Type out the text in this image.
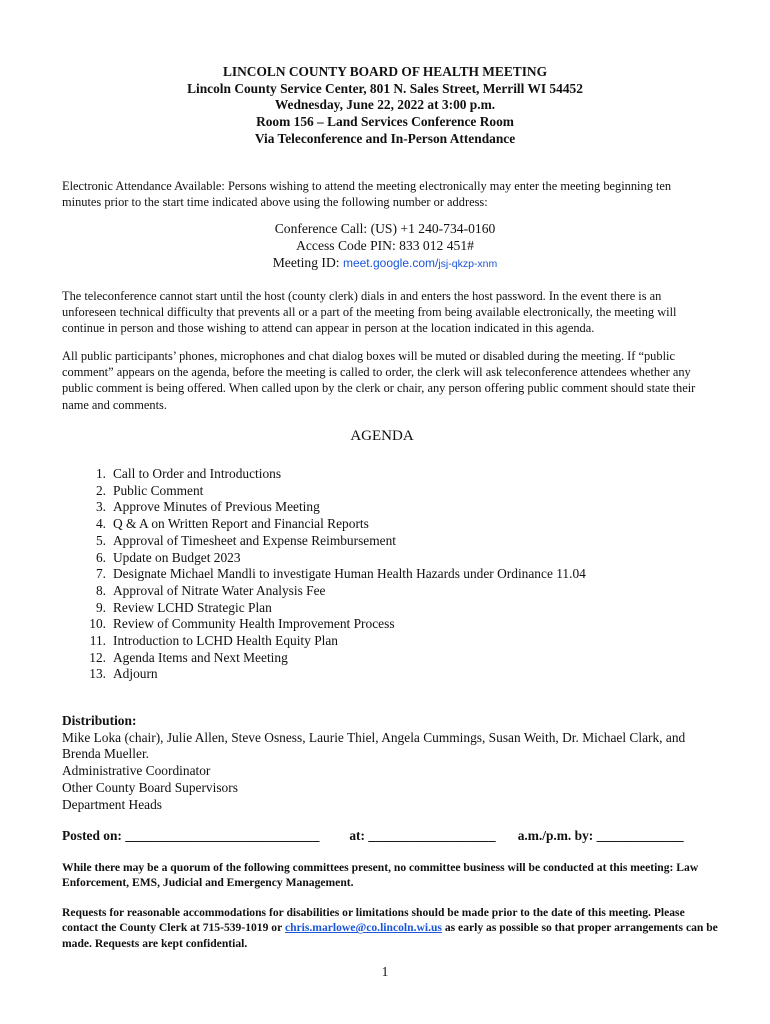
LINCOLN COUNTY BOARD OF HEALTH MEETING
Lincoln County Service Center, 801 N. Sales Street, Merrill WI 54452
Wednesday, June 22, 2022 at 3:00 p.m.
Room 156 – Land Services Conference Room
Via Teleconference and In-Person Attendance
Electronic Attendance Available: Persons wishing to attend the meeting electronically may enter the meeting beginning ten minutes prior to the start time indicated above using the following number or address:
Conference Call: (US) +1 240-734-0160
Access Code PIN: 833 012 451#
Meeting ID: meet.google.com/jsj-qkzp-xnm
The teleconference cannot start until the host (county clerk) dials in and enters the host password. In the event there is an unforeseen technical difficulty that prevents all or a part of the meeting from being available electronically, the meeting will continue in person and those wishing to attend can appear in person at the location indicated in this agenda.
All public participants’ phones, microphones and chat dialog boxes will be muted or disabled during the meeting. If “public comment” appears on the agenda, before the meeting is called to order, the clerk will ask teleconference attendees whether any public comment is being offered. When called upon by the clerk or chair, any person offering public comment should state their name and comments.
AGENDA
1. Call to Order and Introductions
2. Public Comment
3. Approve Minutes of Previous Meeting
4. Q & A on Written Report and Financial Reports
5. Approval of Timesheet and Expense Reimbursement
6. Update on Budget 2023
7. Designate Michael Mandli to investigate Human Health Hazards under Ordinance 11.04
8. Approval of Nitrate Water Analysis Fee
9. Review LCHD Strategic Plan
10. Review of Community Health Improvement Process
11. Introduction to LCHD Health Equity Plan
12. Agenda Items and Next Meeting
13. Adjourn
Distribution:
Mike Loka (chair), Julie Allen, Steve Osness, Laurie Thiel, Angela Cummings, Susan Weith, Dr. Michael Clark, and Brenda Mueller.
Administrative Coordinator
Other County Board Supervisors
Department Heads
Posted on: _____________________________ at: ___________________ a.m./p.m. by: _____________
While there may be a quorum of the following committees present, no committee business will be conducted at this meeting: Law Enforcement, EMS, Judicial and Emergency Management.
Requests for reasonable accommodations for disabilities or limitations should be made prior to the date of this meeting. Please contact the County Clerk at 715-539-1019 or chris.marlowe@co.lincoln.wi.us as early as possible so that proper arrangements can be made. Requests are kept confidential.
1
